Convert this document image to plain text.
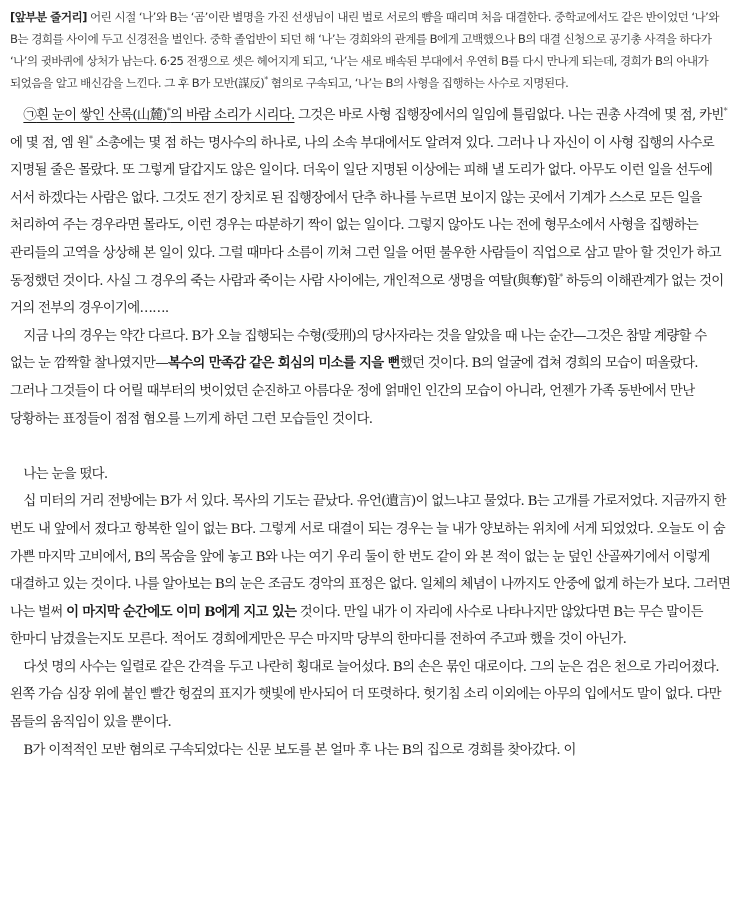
[앞부분 줄거리] 어린 시절 ‘나’와 B는 ‘곰’이란 별명을 가진 선생님이 내린 벌로 서로의 뺨을 때리며 처음 대결한다. 중학교에서도 같은 반이었던 ‘나’와 B는 경희를 사이에 두고 신경전을 벌인다. 중학 졸업반이 되던 해 ‘나’는 경희와의 관계를 B에게 고백했으나 B의 대결 신청으로 공기총 사격을 하다가 ‘나’의 귓바퀴에 상처가 남는다. 6·25 전쟁으로 셋은 헤어지게 되고, ‘나’는 새로 배속된 부대에서 우연히 B를 다시 만나게 되는데, 경희가 B의 아내가 되었음을 알고 배신감을 느낀다. 그 후 B가 모반(謀反)* 혐의로 구속되고, ‘나’는 B의 사형을 집행하는 사수로 지명된다.

㉠흰 눈이 쌓인 산록(山麓)*의 바람 소리가 시리다. 그것은 바로 사형 집행장에서의 일임에 틀림없다. 나는 권총 사격에 몇 점, 카빈*에 몇 점, 엠 원* 소총에는 몇 점 하는 명사수의 하나로, 나의 소속 부대에서도 알려져 있다. 그러나 나 자신이 이 사형 집행의 사수로 지명될 줄은 몰랐다. 또 그렇게 달갑지도 않은 일이다. 더욱이 일단 지명된 이상에는 피해 낼 도리가 없다. 아무도 이런 일을 선두에 서서 하겠다는 사람은 없다. 그것도 전기 장치로 된 집행장에서 단추 하나를 누르면 보이지 않는 곳에서 기계가 스스로 모든 일을 처리하여 주는 경우라면 몰라도, 이런 경우는 따분하기 짝이 없는 일이다. 그렇지 않아도 나는 전에 형무소에서 사형을 집행하는 관리들의 고역을 상상해 본 일이 있다. 그럴 때마다 소름이 끼쳐 그런 일을 어떤 불우한 사람들이 직업으로 삼고 맡아 할 것인가 하고 동정했던 것이다. 사실 그 경우의 죽는 사람과 죽이는 사람 사이에는, 개인적으로 생명을 여탈(與奪)할* 하등의 이해관계가 없는 것이 거의 전부의 경우이기에…….

지금 나의 경우는 약간 다르다. B가 오늘 집행되는 수형(受刑)의 당사자라는 것을 알았을 때 나는 순간—그것은 참말 계량할 수 없는 눈 깜짝할 찰나였지만—복수의 만족감 같은 회심의 미소를 지을 뻔했던 것이다. B의 얼굴에 겹쳐 경희의 모습이 떠올랐다. 그러나 그것들이 다 어릴 때부터의 벗이었던 순진하고 아름다운 정에 얽매인 인간의 모습이 아니라, 언젠가 가족 동반에서 만난 당황하는 표정들이 점점 혐오를 느끼게 하던 그런 모습들인 것이다.

나는 눈을 떴다.

십 미터의 거리 전방에는 B가 서 있다. 목사의 기도는 끝났다. 유언(遺言)이 없느냐고 물었다. B는 고개를 가로저었다. 지금까지 한 번도 내 앞에서 졌다고 항복한 일이 없는 B다. 그렇게 서로 대결이 되는 경우는 늘 내가 양보하는 위치에 서게 되었었다. 오늘도 이 숨 가쁜 마지막 고비에서, B의 목숨을 앞에 놓고 B와 나는 여기 우리 둘이 한 번도 같이 와 본 적이 없는 눈 덮인 산골짜기에서 이렇게 대결하고 있는 것이다. 나를 알아보는 B의 눈은 조금도 경악의 표정은 없다. 일체의 체념이 나까지도 안중에 없게 하는가 보다. 그러면 나는 벌써 이 마지막 순간에도 이미 B에게 지고 있는 것이다. 만일 내가 이 자리에 사수로 나타나지만 않았다면 B는 무슨 말이든 한마디 남겼을는지도 모른다. 적어도 경희에게만은 무슨 마지막 당부의 한마디를 전하여 주고파 했을 것이 아닌가.

다섯 명의 사수는 일렬로 같은 간격을 두고 나란히 횡대로 늘어섰다. B의 손은 묶인 대로이다. 그의 눈은 검은 천으로 가리어졌다. 왼쪽 가슴 심장 위에 붙인 빨간 헝겊의 표지가 햇빛에 반사되어 더 또렷하다. 헛기침 소리 이외에는 아무의 입에서도 말이 없다. 다만 몸들의 움직임이 있을 뿐이다.

B가 이적적인 모반 혐의로 구속되었다는 신문 보도를 본 얼마 후 나는 B의 집으로 경희를 찾아갔다. 이
